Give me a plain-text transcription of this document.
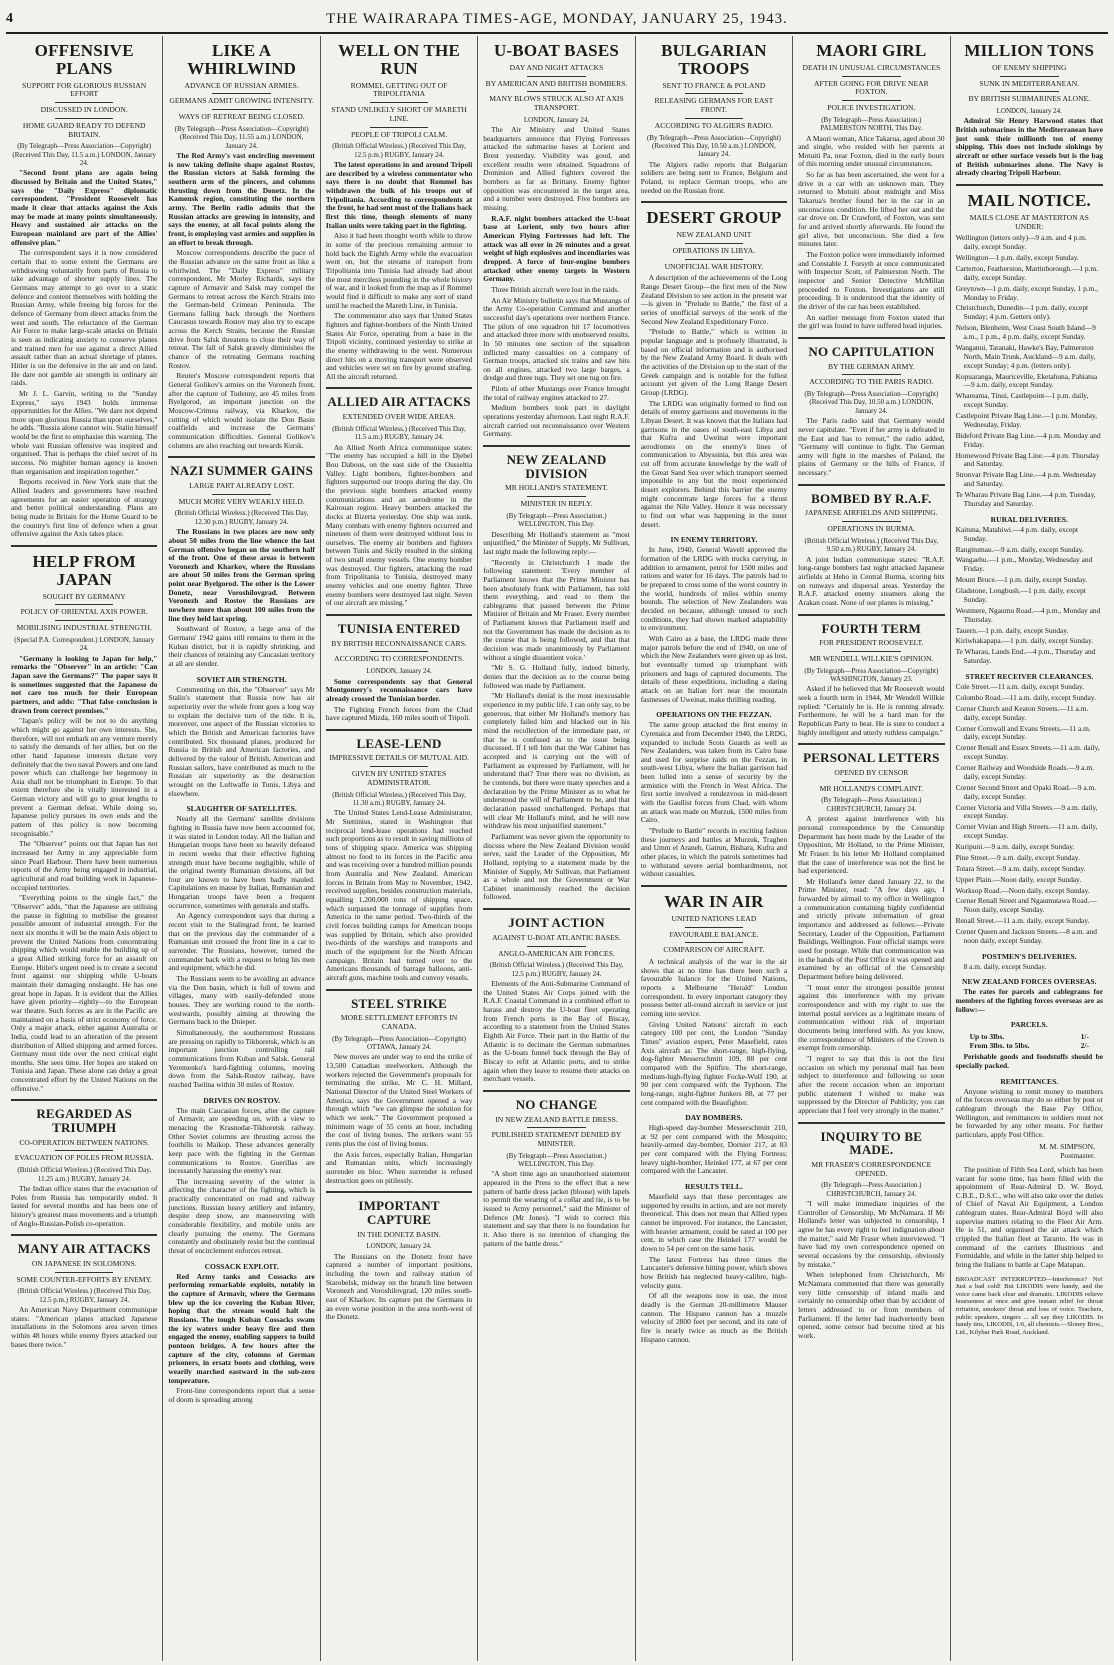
4	THE WAIRARAPA TIMES-AGE, MONDAY, JANUARY 25, 1943.
OFFENSIVE PLANS
SUPPORT FOR GLORIOUS RUSSIAN EFFORT
DISCUSSED IN LONDON.
HOME GUARD READY TO DEFEND BRITAIN.
(By Telegraph—Press Association—Copyright) (Received This Day, 11.5 a.m.) LONDON, January 24.

"Second front plans are again being discussed by Britain and the United States," says the "Daily Express" diplomatic correspondent. "President Roosevelt has made it clear that attacks against the Axis may be made at many points simultaneously. Heavy and sustained air attacks on the European mainland are part of the Allies' offensive plan."

The correspondent says it is now considered certain that to some extent the Germans are withdrawing voluntarily from parts of Russia to take advantage of shorter supply lines. The Germans may attempt to go over to a static defence and content themselves with holding the Russian Army, while freeing big forces for the defence of Germany from direct attacks from the west and south. The reluctance of the German Air Force to make large-scale attacks on Britain is seen as indicating anxiety to conserve planes and trained men for use against a direct Allied assault rather than an actual shortage of planes. Hitler is on the defensive in the air and on land. He dare not gamble air strength in ordinary air raids.

Mr J. L. Garvin, writing to the "Sunday Express," says 1943 holds immense opportunities for the Allies. "We dare not depend more upon glorious Russia than upon ourselves," he adds. "Russia alone cannot win. Stalin himself would be the first to emphasise this warning. The whole vast Russian offensive was inspired and organised. That is perhaps the chief secret of its success. No mightier human agency is known than organisation and inspiration together."

Reports received in New York state that the Allied leaders and governments have reached agreements for an easier operation of strategy and better political understanding. Plans are being made in Britain for the Home Guard to be the country's first line of defence when a great offensive against the Axis takes place.

HELP FROM JAPAN
SOUGHT BY GERMANY
POLICY OF ORIENTAL AXIS POWER.
MOBILISING INDUSTRIAL STRENGTH.
(Special P.A. Correspondent.) LONDON, January 24.

"Germany is looking to Japan for help," remarks the "Observer" in an article: "Can Japan save the Germans?" The paper says it is sometimes suggested that the Japanese do not care too much for their European partners, and adds: "That false conclusion is drawn from correct premises."

"Japan's policy will be not to do anything which might go against her own interests. She, therefore, will not embark on any venture merely to satisfy the demands of her allies, but on the other hand Japanese interests dictate very definitely that the two naval Powers and one land power which can challenge her hegemony in Asia shall not be triumphant in Europe. To that extent therefore she is vitally interested in a German victory and will go to great lengths to prevent a German defeat. While doing so, Japanese policy pursues its own ends and the pattern of this policy is now becoming recognisable."

The "Observer" points out that Japan has not increased her Army in any appreciable form since Pearl Harbour. There have been numerous reports of the Army being engaged in industrial, agricultural and road building work in Japanese-occupied territories.

"Everything points to the single fact," the "Observer" adds, "that the Japanese are utilising the pause in fighting to mobilise the greatest possible amount of industrial strength. For the next six months it will be the main Axis object to prevent the United Nations from concentrating shipping which would enable the building up of a great Allied striking force for an assault on Europe. Hitler's urgent need is to create a second front against our shipping while U-boats maintain their damaging onslaught. He has one great hope in Japan. It is evident that the Allies have given priority—rightly—to the European war theatre. Such forces as are in the Pacific are maintained on a basis of strict economy of force. Only a major attack, either against Australia or India, could lead to an alteration of the present distribution of Allied shipping and armed forces. Germany must tide over the next critical eight months. She sees time. Her hopes are staked on Tunisia and Japan. These alone can delay a great concentrated effort by the United Nations on the offensive."

REGARDED AS TRIUMPH
CO-OPERATION BETWEEN NATIONS.
EVACUATION OF POLES FROM RUSSIA.
(British Official Wireless.) (Received This Day, 11.25 a.m.) RUGBY, January 24.

The Indian office states that the evacuation of Poles from Russia has temporarily ended. It lasted for several months and has been one of history's greatest mass movements and a triumph of Anglo-Russian-Polish co-operation.

MANY AIR ATTACKS
ON JAPANESE IN SOLOMONS.
SOME COUNTER-EFFORTS BY ENEMY.
(British Official Wireless.) (Received This Day, 12.5 p.m.) RUGBY, January 24.

An American Navy Department communique states: "American planes attacked Japanese installations in the Solomons area seven times within 48 hours while enemy flyers attacked our bases there twice."

LIKE A WHIRLWIND
ADVANCE OF RUSSIAN ARMIES.
GERMANS ADMIT GROWING INTENSITY.
WAYS OF RETREAT BEING CLOSED.
(By Telegraph—Press Association—Copyright) (Received This Day, 11.55 a.m.) LONDON, January 24.

The Red Army's vast encircling movement is now taking definite shape against Rostov, the Russian victors at Salsk forming the southern arm of the pincers, and columns thrusting down from the Donetz. In the Kamensk region, constituting the northern army. The Berlin radio admits that the Russian attacks are growing in intensity, and says the enemy, at all focal points along the front, is employing vast armies and supplies in an effort to break through.

Moscow correspondents describe the pace of the Russian advance on the same front as like a whirlwind. The "Daily Express" military correspondent, Mr Morley Richards, says the capture of Armavir and Salsk may compel the Germans to retreat across the Kerch Straits into the German-held Crimean Peninsula. The Germans falling back through the Northern Caucasus towards Rostov may also try to escape across the Kerch Straits, because the Russian drive from Salsk threatens to close their way of retreat. The fall of Salsk gravely diminishes the chance of the retreating Germans reaching Rostov.

Reuter's Moscow correspondent reports that General Golikov's armies on the Voronezh front, after the capture of Tudenny, are 45 miles from Byelgorod, an important junction on the Moscow-Crimea railway, via Kharkov, the cutting of which would isolate the Don Basin coalfields and increase the Germans' communication difficulties. General Golikov's columns are also reaching out towards Kursk.

NAZI SUMMER GAINS
LARGE PART ALREADY LOST.
MUCH MORE VERY WEAKLY HELD.
(British Official Wireless.) (Received This Day, 12.30 p.m.) RUGBY, January 24.

The Russians in two places are now only about 50 miles from the line whence the last German offensive began on the southern half of the front. One of these areas is between Voronezh and Kharkov, where the Russians are about 50 miles from the German spring point near Byelgorod. The other is the Lower Donetz, near Voroshilovgrad. Between Voronezh and Rostov the Russians are nowhere more than about 100 miles from the line they held last spring.

Southward of Rostov, a large area of the Germans' 1942 gains still remains to them in the Kuban district, but it is rapidly shrinking, and their chances of retaining any Caucasian territory at all are slender.

SOVIET AIR STRENGTH.

Commenting on this, the "Observer" says Mr Stalin's statement that Russia now has air superiority over the whole front goes a long way to explain the decisive turn of the tide. It is, moreover, one aspect of the Russian victories to which the British and American factories have contributed. Six thousand planes, produced for Russia in British and American factories, and delivered by the valour of British, American and Russian sailors, have contributed as much to the Russian air superiority as the destruction wrought on the Luftwaffe in Tunis, Libya and elsewhere.

SLAUGHTER OF SATELLITES.

Nearly all the Germans' satellite divisions fighting in Russia have now been accounted for, it was stated in London today. All the Italian and Hungarian troops have been so heavily defeated in recent weeks that their effective fighting strength must have become negligible, while of the original twenty Rumanian divisions, all but four are known to have been badly mauled. Capitulations en masse by Italian, Rumanian and Hungarian troops have been a frequent occurrence, sometimes with generals and staffs.

An Agency correspondent says that during a recent visit to the Stalingrad front, he learned that on the previous day the commander of a Rumanian unit crossed the front line in a car to surrender. The Russians, however, turned the commander back with a request to bring his men and equipment, which he did.

The Russians seem to be avoiding an advance via the Don basin, which is full of towns and villages, many with easily-defended stone houses. They are working round to the north-westwards, possibly aiming at throwing the Germans back to the Dnieper.

Simultaneously, the southernmost Russians are pressing on rapidly to Tikhoretsk, which is an important junction controlling rail communications from Kuban and Salsk. General Yeremenko's hard-fighting columns, moving down from the Salsk-Rostov railway, have reached Tselina within 30 miles of Rostov.

DRIVES ON ROSTOV.

The main Caucasian forces, after the capture of Armavir, are speeding on, with a view to menacing the Krasnodar-Tikhoretsk railway. Other Soviet columns are thrusting across the foothills to Maikop. These advances generally keep pace with the fighting in the German communications to Rostov. Guerillas are incessantly harassing the enemy's rear.

The increasing severity of the winter is affecting the character of the fighting, which is practically concentrated on road and railway junctions. Russian heavy artillery and infantry, despite deep snow, are manoeuvring with considerable flexibility, and mobile units are clearly pursuing the enemy. The Germans constantly and obstinately resist but the continual threat of encirclement enforces retreat.

COSSACK EXPLOIT.

Red Army tanks and Cossacks are performing remarkable exploits, notably in the capture of Armavir, where the Germans blew up the ice covering the Kuban River, hoping that the stream would halt the Russians. The tough Kuban Cossacks swam the icy waters under heavy fire and then engaged the enemy, enabling sappers to build pontoon bridges. A few hours after the capture of the city, columns of German prisoners, in ersatz boots and clothing, were wearily marched eastward in the sub-zero temperature.

Front-line correspondents report that a sense of doom is spreading among

WELL ON THE RUN
ROMMEL GETTING OUT OF TRIPOLITANIA
STAND UNLIKELY SHORT OF MARETH LINE.
PEOPLE OF TRIPOLI CALM.
(British Official Wireless.) (Received This Day, 12.5 p.m.) RUGBY, January 24.

The latest operations in and around Tripoli are described by a wireless commentator who says there is no doubt that Rommel has withdrawn the bulk of his troops out of Tripolitania. According to correspondents at the front, he had sent most of the Italians back first this time, though elements of many Italian units were taking part in the fighting.

Also it had been thought worth while to throw in some of the precious remaining armour to hold back the Eighth Army while the evacuation went on, but the streams of transport from Tripolitania into Tunisia had already had about the most merciless pounding in the whole history of war, and it looked from the map as if Rommel would find it difficult to make any sort of stand until he reached the Mareth Line, in Tunisia.

The commentator also says that United States fighters and fighter-bombers of the Ninth United States Air Force, operating from a base in the Tripoli vicinity, continued yesterday to strike at the enemy withdrawing to the west. Numerous direct hits on a moving transport were observed and vehicles were set on fire by ground strafing. All the aircraft returned.

ALLIED AIR ATTACKS
EXTENDED OVER WIDE AREAS.
(British Official Wireless.) (Received This Day, 11.5 a.m.) RUGBY, January 24.

An Allied North Africa communique states: "The enemy has occupied a hill in the Djebel Bou Dabous, on the east side of the Ousseltia Valley. Light bombers, fighter-bombers and fighters supported our troops during the day. On the previous night bombers attacked enemy communications and an aerodrome in the Kairouan region. Heavy bombers attacked the docks at Bizerta yesterday. One ship was sunk. Many combats with enemy fighters occurred and nineteen of them were destroyed without loss to ourselves. The enemy air bombers and fighters between Tunis and Sicily resulted in the sinking of two small enemy vessels. One enemy bomber was destroyed. Our fighters, attacking the road from Tripolitania to Tunisia, destroyed many enemy vehicles and one enemy fighter. Three enemy bombers were destroyed last night. Seven of our aircraft are missing."

TUNISIA ENTERED
BY BRITISH RECONNAISSANCE CARS.
ACCORDING TO CORRESPONDENTS.
LONDON, January 24.

Some correspondents say that General Montgomery's reconnaissance cars have already crossed the Tunisian border.

The Fighting French forces from the Chad have captured Mizda, 160 miles south of Tripoli.

LEASE-LEND
IMPRESSIVE DETAILS OF MUTUAL AID.
GIVEN BY UNITED STATES ADMINISTRATOR.
(British Official Wireless.) (Received This Day, 11.30 a.m.) RUGBY, January 24.

The United States Lend-Lease Administrator, Mr Stettinius, stated in Washington that reciprocal lend-lease operations had reached such proportions as to result in saving millions of tons of shipping space. America was shipping almost no food to its forces in the Pacific area and was receiving over a hundred million pounds from Australia and New Zealand. American forces in Britain from May to November, 1942, received supplies, besides construction materials, equalling 1,200,000 tons of shipping space, which surpassed the tonnage of supplies from America in the same period. Two-thirds of the civil forces building camps for American troops was supplied by Britain, which also provided two-thirds of the warships and transports and much of the equipment for the North African campaign. Britain had turned over to the Americans thousands of barrage balloons, anti-aircraft guns, machine tools and convoy vessels.

STEEL STRIKE
MORE SETTLEMENT EFFORTS IN CANADA.
(By Telegraph—Press Association—Copyright) OTTAWA, January 24.

New moves are under way to end the strike of 13,500 Canadian steelworkers. Although the workers rejected the Government's proposals for terminating the strike, Mr C. H. Millard, National Director of the United Steel Workers of America, says the Government opened a way through which "we can glimpse the solution for which we seek." The Government proposed a minimum wage of 55 cents an hour, including the cost of living bonus. The strikers want 55 cents plus the cost of living bonus.

the Axis forces, especially Italian, Hungarian and Rumanian units, which increasingly surrender en bloc. When surrender is refused destruction goes on pitilessly.

IMPORTANT CAPTURE
IN THE DONETZ BASIN.
LONDON, January 24.

The Russians on the Donetz front have captured a number of important positions, including the town and railway station of Starobelsk, midway on the branch line between Voronezh and Voroshilovgrad, 120 miles south-east of Kharkov. Its capture put the Germans in an even worse position in the area north-west of the Donetz.

U-BOAT BASES
DAY AND NIGHT ATTACKS
BY AMERICAN AND BRITISH BOMBERS.
MANY BLOWS STRUCK ALSO AT AXIS TRANSPORT.
LONDON, January 24.

The Air Ministry and United States headquarters announce that Flying Fortresses attacked the submarine bases at Lorient and Brest yesterday. Visibility was good, and excellent results were obtained. Squadrons of Dominion and Allied fighters covered the bombers as far as Brittany. Enemy fighter opposition was encountered in the target area, and a number were destroyed. Five bombers are missing.

R.A.F. night bombers attacked the U-boat base at Lorient, only two hours after American Flying Fortresses had left. The attack was all over in 26 minutes and a great weight of high explosives and incendiaries was dropped. A force of four-engine bombers attacked other enemy targets in Western Germany.

Three British aircraft were lost in the raids.

An Air Ministry bulletin says that Mustangs of the Army Co-operation Command and another successful day's operations over northern France. The pilots of one squadron hit 17 locomotives and attacked three more with unobserved results. In 50 minutes one section of the squadron inflicted many casualties on a company of German troops, attacked six trains and saw hits on all engines, attacked two large barges, a dredge and three tugs. They set one tug on fire.

Pilots of other Mustangs over France brought the total of railway engines attacked to 27.

Medium bombers took part in daylight operations yesterday afternoon. Last night R.A.F. aircraft carried out reconnaissance over Western Germany.

NEW ZEALAND DIVISION
MR HOLLAND'S STATEMENT.
MINISTER IN REPLY.
(By Telegraph—Press Association.) WELLINGTON, This Day.

Describing Mr Holland's statement as "most unjustified," the Minister of Supply, Mr Sullivan, last night made the following reply:—

"Recently in Christchurch I made the following statement: 'Every member of Parliament knows that the Prime Minister has been absolutely frank with Parliament, has told them everything, and read to them the cablegrams that passed between the Prime Minister of Britain and Mr Fraser. Every member of Parliament knows that Parliament itself and not the Government has made the decision as to the course that is being followed, and that that decision was made unanimously by Parliament without a single dissentient voice.'

"Mr S. G. Holland fully, indeed bitterly, denies that the decision as to the course being followed was made by Parliament.

"Mr Holland's denial is the most inexcusable experience in my public life. I can only say, to be generous, that either Mr Holland's memory has completely failed him and blacked out in his mind the recollection of the immediate past, or that he is confused as to the issue being discussed. If I tell him that the War Cabinet has accepted and is carrying out the will of Parliament as expressed by Parliament, will he understand that? True there was no division, as he contends, but there were many speeches and a declaration by the Prime Minister as to what he understood the will of Parliament to be, and that declaration passed unchallenged. Perhaps that will clear Mr Holland's mind, and he will now withdraw his most unjustified statement."

Parliament was never given the opportunity to discuss where the New Zealand Division would serve, said the Leader of the Opposition, Mr Holland, replying to a statement made by the Minister of Supply, Mr Sullivan, that Parliament as a whole and not the Government or War Cabinet unanimously reached the decision followed.

JOINT ACTION
AGAINST U-BOAT ATLANTIC BASES.
ANGLO-AMERICAN AIR FORCES.
(British Official Wireless.) (Received This Day, 12.5 p.m.) RUGBY, January 24.

Elements of the Anti-Submarine Command of the United States Air Corps joined with the R.A.F. Coastal Command in a combined effort to harass and destroy the U-boat fleet operating from French ports in the Bay of Biscay, according to a statement from the United States Eighth Air Force. Their part in the Battle of the Atlantic is to decimate the German submarines as the U-boats funnel back through the Bay of Biscay to refit at Atlantic ports, and to strike again when they leave to resume their attacks on merchant vessels.

NO CHANGE
IN NEW ZEALAND BATTLE DRESS.
PUBLISHED STATEMENT DENIED BY MINISTER.
(By Telegraph—Press Association.) WELLINGTON, This Day.

"A short time ago an unauthorised statement appeared in the Press to the effect that a new pattern of battle dress jacket (blouse) with lapels to permit the wearing of a collar and tie, is to be issued to Army personnel," said the Minister of Defence (Mr Jones). "I wish to correct this statement and say that there is no foundation for it. Also there is no intention of changing the pattern of the battle dress."

BULGARIAN TROOPS
SENT TO FRANCE & POLAND
RELEASING GERMANS FOR EAST FRONT.
ACCORDING TO ALGIERS RADIO.
(By Telegraph—Press Association—Copyright) (Received This Day, 10.50 a.m.) LONDON, January 24.

The Algiers radio reports that Bulgarian soldiers are being sent to France, Belgium and Poland, to replace German troops, who are needed on the Russian front.

DESERT GROUP
NEW ZEALAND UNIT
OPERATIONS IN LIBYA.
UNOFFICIAL WAR HISTORY.

A description of the achievements of the Long Range Desert Group—the first men of the New Zealand Division to see action in the present war—is given in "Prelude to Battle," the first of a series of unofficial surveys of the work of the Second New Zealand Expeditionary Force.

"Prelude to Battle," which is written in popular language and is profusely illustrated, is based on official information and is authorised by the New Zealand Army Board. It deals with the activities of the Division up to the start of the Greek campaign and is notable for the fullest account yet given of the Long Range Desert Group (LRDG).

The LRDG was originally formed to find out details of enemy garrisons and movements in the Libyan Desert. It was known that the Italians had garrisons in the oases of south-east Libya and that Kufra and Uweinat were important aerodromes on the enemy's lines of communication to Abyssinia, but this area was cut off from accurate knowledge by the wall of the Great Sand Sea over which transport seemed impossible to any but the most experienced desert explorers. Behind this barrier the enemy might concentrate large forces for a thrust against the Nile Valley. Hence it was necessary to find out what was happening in the inner desert.

IN ENEMY TERRITORY.

In June, 1940, General Wavell approved the formation of the LRDG with trucks carrying, in addition to armament, petrol for 1500 miles and rations and water for 16 days. The patrols had to be prepared to cross some of the worst country in the world, hundreds of miles within enemy bounds. The selection of New Zealanders was decided on because, although unused to such conditions, they had shown marked adaptability to environment.

With Cairo as a base, the LRDG made three major patrols before the end of 1940, on one of which the New Zealanders were given up as lost, but eventually turned up triumphant with prisoners and bags of captured documents. The details of these expeditions, including a daring attack on an Italian fort near the mountain fastnesses of Uweinat, make thrilling reading.

OPERATIONS ON THE FEZZAN.

The same group attacked the first enemy in Cyrenaica and from December 1940, the LRDG, expanded to include Scots Guards as well as New Zealanders, was taken from its Cairo base and used for surprise raids on the Fezzan, in south-west Libya, where the Italian garrison had been lulled into a sense of security by the armistice with the French in West Africa. The first sortie involved a rendezvous in mid-desert with the Gaullist forces from Chad, with whom an attack was made on Murzuk, 1500 miles from Cairo.

"Prelude to Battle" records in exciting fashion these journeys and battles at Murzuk, Traghen and Umm el Araneb, Gatrun, Bishara, Kufra and other places, in which the patrols sometimes had to withstand severe aerial bombardments, not without casualties.

WAR IN AIR
UNITED NATIONS LEAD
FAVOURABLE BALANCE.
COMPARISON OF AIRCRAFT.

A technical analysis of the war in the air shows that at no time has there been such a favourable balance for the United Nations, reports a Melbourne "Herald" London correspondent. In every important category they possess better all-round aircraft in service or just coming into service.

Giving United Nations' aircraft in each category 100 per cent, the London "Sunday Times" aviation expert, Peter Masefield, rates Axis aircraft as: The short-range, high-flying, dog-fighter Messerschmitt 109, 88 per cent compared with the Spitfire. The short-range, medium-high-flying fighter Focke-Wulf 190, at 90 per cent compared with the Typhoon. The long-range, night-fighter Junkers 88, at 77 per cent compared with the Beaufighter.

DAY BOMBERS.

High-speed day-bomber Messerschmitt 210, at 92 per cent compared with the Mosquito; heavily-armed day-bomber, Dornier 217, at 83 per cent compared with the Flying Fortress; heavy night-bomber, Heinkel 177, at 67 per cent compared with the Lancaster.

RESULTS TELL.

Masefield says that these percentages are supported by results in action, and are not merely theoretical. This does not mean that Allied types cannot be improved. For instance, the Lancaster, with heavier armament, could be rated at 100 per cent, in which case the Heinkel 177 would be down to 54 per cent on the same basis.

The latest Fortress has three times the Lancaster's defensive hitting power, which shows how British has neglected heavy-calibre, high-velocity guns.

Of all the weapons now in use, the most deadly is the German 20-millimetre Mauser cannon. The Hispano cannon has a muzzle velocity of 2800 feet per second, and its rate of fire is nearly twice as much as the British Hispano cannon.

MAORI GIRL
DEATH IN UNUSUAL CIRCUMSTANCES
AFTER GOING FOR DRIVE NEAR FOXTON.
POLICE INVESTIGATION.
(By Telegraph—Press Association.) PALMERSTON NORTH, This Day.

A Maori woman, Alice Takarua, aged about 30 and single, who resided with her parents at Motuiti Pa, near Foxton, died in the early hours of this morning under unusual circumstances.

So far as has been ascertained, she went for a drive in a car with an unknown man. They returned to Motuiti about midnight and Miss Takarua's brother found her in the car in an unconscious condition. He lifted her out and the car drove on. Dr Crawford, of Foxton, was sent for and arrived shortly afterwards. He found the girl alive, but unconscious. She died a few minutes later.

The Foxton police were immediately informed and Constable J. Forsyth at once communicated with Inspector Scott, of Palmerston North. The inspector and Senior Detective McMillan proceeded to Foxton. Investigations are still proceeding. It is understood that the identity of the driver of the car has been established.

An earlier message from Foxton stated that the girl was found to have suffered head injuries.

NO CAPITULATION
BY THE GERMAN ARMY.
ACCORDING TO THE PARIS RADIO.
(By Telegraph—Press Association—Copyright) (Received This Day, 10.50 a.m.) LONDON, January 24.

The Paris radio said that Germany would never capitulate. "Even if her army is defeated in the East and has to retreat," the radio added, "Germany will continue to fight. The German army will fight in the marshes of Poland, the plains of Germany or the hills of France, if necessary."

BOMBED BY R.A.F.
JAPANESE AIRFIELDS AND SHIPPING.
OPERATIONS IN BURMA.
(British Official Wireless.) (Received This Day, 9.50 a.m.) RUGBY, January 24.

A joint Indian communique states: "R.A.F. long-range bombers last night attacked Japanese airfields at Heho in Central Burma, scoring hits on runways and dispersal areas. Yesterday the R.A.F. attacked enemy steamers along the Arakan coast. None of our planes is missing."

FOURTH TERM
FOR PRESIDENT ROOSEVELT.
MR WENDELL WILLKIE'S OPINION.
(By Telegraph—Press Association—Copyright) WASHINGTON, January 23.

Asked if he believed that Mr Roosevelt would seek a fourth term in 1944, Mr Wendell Willkie replied: "Certainly he is. He is running already. Furthermore, he will be a hard man for the Republican Party to beat. He is sure to conduct a highly intelligent and utterly ruthless campaign."

PERSONAL LETTERS
OPENED BY CENSOR
MR HOLLAND'S COMPLAINT.
(By Telegraph—Press Association.) CHRISTCHURCH, January 24.

A protest against interference with his personal correspondence by the Censorship Department has been made by the Leader of the Opposition, Mr Holland, to the Prime Minister, Mr Fraser. In his letter Mr Holland complained that the case of interference was not the first he had experienced.

Mr Holland's letter dated January 22, to the Prime Minister, read: "A few days ago, I forwarded by airmail to my office in Wellington a communication containing highly confidential and strictly private information of great importance and addressed as follows:—Private Secretary, Leader of the Opposition, Parliament Buildings, Wellington. Four official stamps were used for postage. While that communication was in the hands of the Post Office it was opened and examined by an official of the Censorship Department before being delivered.

"I must enter the strongest possible protest against this interference with my private correspondence and with my right to use the internal postal services as a legitimate means of communication without risk of important documents being interfered with. As you know, the correspondence of Ministers of the Crown is exempt from censorship.

"I regret to say that this is not the first occasion on which my personal mail has been subject to interference and following so soon after the recent occasion when an important public statement I wished to make was suppressed by the Director of Publicity, you can appreciate that I feel very strongly in the matter."

INQUIRY TO BE MADE.
MR FRASER'S CORRESPONDENCE OPENED.
(By Telegraph—Press Association.) CHRISTCHURCH, January 24.

"I will make immediate inquiries of the Controller of Censorship, Mr McNamara. If Mr Holland's letter was subjected to censorship, I agree he has every right to feel indignation about the matter," said Mr Fraser when interviewed. "I have had my own correspondence opened on several occasions by the censorship, obviously by mistake."

When telephoned from Christchurch, Mr McNamara commented that there was generally very little censorship of inland mails and certainly no censorship other than by accident of letters addressed to or from members of Parliament. If the letter had inadvertently been opened, some censor had become tired at his work.

MILLION TONS
OF ENEMY SHIPPING
SUNK IN MEDITERRANEAN.
BY BRITISH SUBMARINES ALONE.
LONDON, January 24.

Admiral Sir Henry Harwood states that British submarines in the Mediterranean have just sunk their millionth ton of enemy shipping. This does not include sinkings by aircraft or other surface vessels but is the bag of British submarines alone. The Navy is already clearing Tripoli Harbour.

MAIL NOTICE.
MAILS CLOSE AT MASTERTON AS UNDER:

Wellington (letters only)—9 a.m. and 4 p.m. daily, except Sunday.

Wellington—1 p.m. daily, except Sunday.

Carterton, Featherston, Martinborough.—1 p.m. daily, except Sunday.

Greytown—1 p.m. daily, except Sunday, 1 p.m., Monday to Friday.

Christchurch, Dunedin—1 p.m. daily, except Sunday; 4 p.m. Getters only).

Nelson, Blenheim, West Coast South Island—9 a.m., 1 p.m., 4 p.m. daily, except Sunday.

Wanganui, Taranaki, Hawke's Bay, Palmerston North, Main Trunk, Auckland—9 a.m. daily, except Sunday; 4 p.m. (letters only).

Kopuaranga, Mauriceville, Eketahuna, Pahiatua—9 a.m. daily, except Sunday.

Whareama, Tinui, Castlepoint—1 p.m. daily, except Sunday.

Castlepoint Private Bag Line.—1 p.m. Monday, Wednesday, Friday.

Bideford Private Bag Line.—4 p.m. Monday and Friday.

Homewood Private Bag Line.—4 p.m. Thursday and Saturday.

Stronvar Private Bag Line.—4 p.m. Wednesday and Saturday.

Te Wharau Private Bag Line.—4 p.m. Tuesday, Thursday and Saturday.

RURAL DELIVERIES.

Kaituna, Matahiwi.—4 p.m. daily, except Sunday.

Rangitumau.—9 a.m. daily, except Sunday.

Wangaehu.—1 p.m., Monday, Wednesday and Friday.

Mount Bruce.—1 p.m. daily, except Sunday.

Gladstone, Longbush.—1 p.m. daily, except Sunday.

Westmere, Ngaumu Road.—4 p.m., Monday and Thursday.

Tauern.—1 p.m. daily, except Sunday.

Kiriwhakapapa.—1 p.m. daily, except Sunday.

Te Wharau, Lands End.—4 p.m., Thursday and Saturday.

STREET RECEIVER CLEARANCES.

Cole Street.—11 a.m. daily, except Sunday.

Colombo Road.—11 a.m. daily, except Sunday.

Corner Church and Keaton Streets.—11 a.m. daily, except Sunday.

Corner Cornwall and Evans Streets.—11 a.m. daily, except Sunday.

Corner Renall and Essex Streets.—11 a.m. daily, except Sunday.

Corner Railway and Woodside Roads.—9 a.m. daily, except Sunday.

Corner Second Street and Opaki Road.—9 a.m. daily, except Sunday.

Corner Victoria and Villa Streets.—9 a.m. daily, except Sunday.

Corner Vivian and High Streets.—11 a.m. daily, except Sunday.

Kuripuni.—9 a.m. daily, except Sunday.

Pine Street.—9 a.m. daily, except Sunday.

Totara Street.—9 a.m. daily, except Sunday.

Upper Plain.—Noon daily, except Sunday.

Worksop Road.—Noon daily, except Sunday.

Corner Renall Street and Ngaumutawa Road.—Noon daily, except Sunday.

Renall Street.—11 a.m. daily, except Sunday.

Corner Queen and Jackson Streets.—8 a.m. and noon daily, except Sunday.

POSTMEN'S DELIVERIES.

8 a.m. daily, except Sunday.

NEW ZEALAND FORCES OVERSEAS.

The rates for parcels and cablegrams for members of the fighting forces overseas are as follow:—

PARCELS.
Up to 3lbs.	1/-
From 3lbs. to 5lbs.	2/-

Perishable goods and foodstuffs should be specially packed.

REMITTANCES.

Anyone wishing to remit money to members of the forces overseas may do so either by post or cablegram through the Base Pay Office, Wellington, and remittances to soldiers must not be forwarded by any other means. For further particulars, apply Post Office.

M. M. SIMPSON,
Postmaster.

The position of Fifth Sea Lord, which has been vacant for some time, has been filled with the appointment of Rear-Admiral D. W. Boyd, C.B.E., D.S.C., who will also take over the duties of Chief of Naval Air Equipment, a London cablegram states. Rear-Admiral Boyd will also supervise matters relating to the Fleet Air Arm. He is 51, and organised the air attack which crippled the Italian fleet at Taranto. He was in command of the carriers Illustrious and Formidable, and while in the latter ship helped to bring the Italians to battle at Cape Matapan.

BROADCAST INTERRUPTED—Interference? No! Just a bad cold! But LIKODIS were handy, and the voice came back clear and dramatic. LIKODIS relieve hoarseness at once and give instant relief for throat irritation, smokers' throat and loss of voice. Teachers, public speakers, singers ... all say they LIKODIS. In handy tins, LIKODIS, 1/6, all chemists.—Sloney Bros., Ltd., Kilybar Park Road, Auckland.
